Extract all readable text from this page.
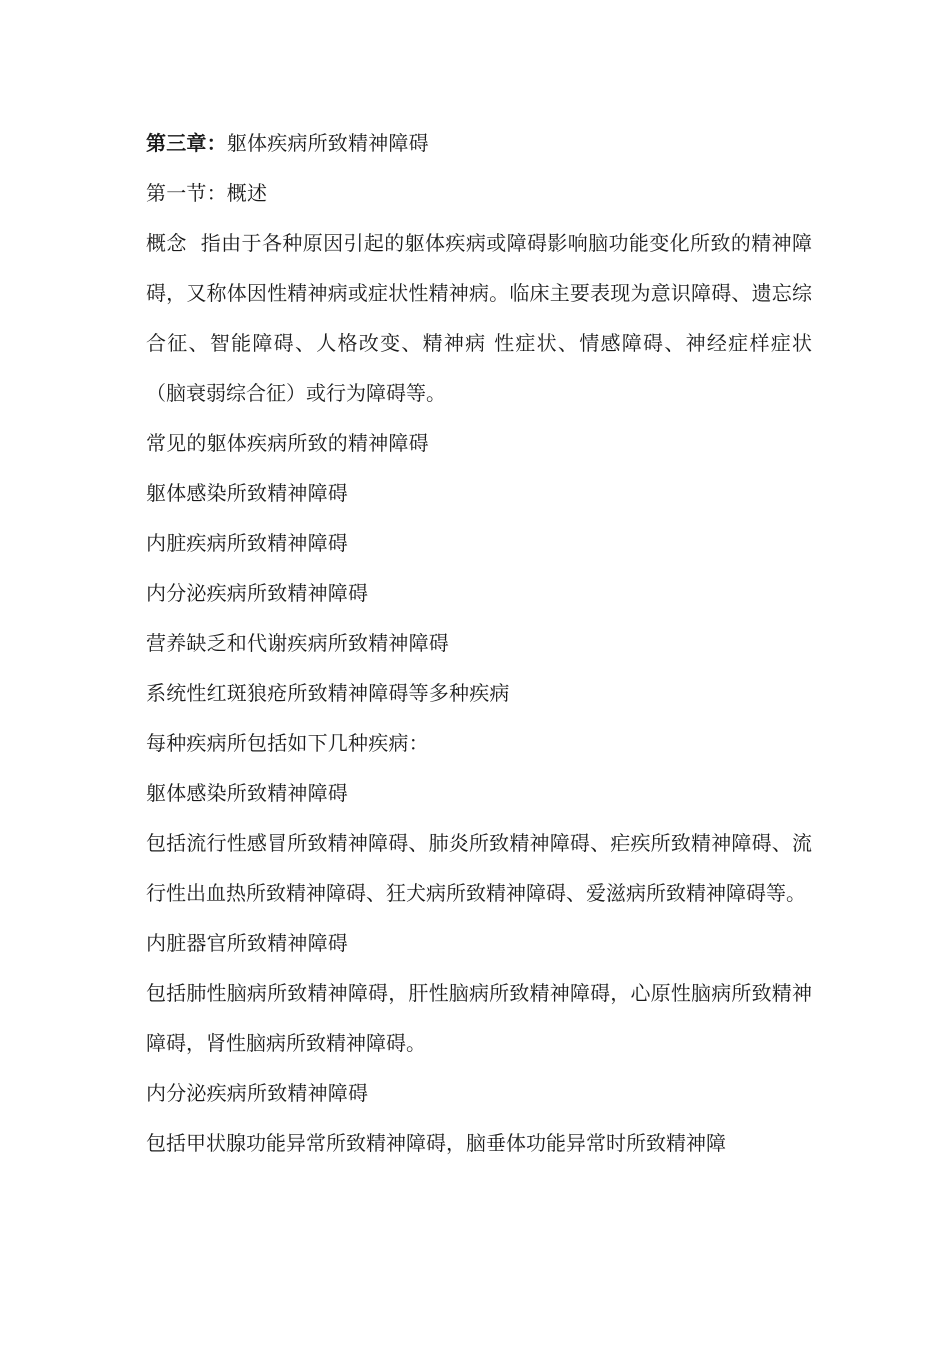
第三章：躯体疾病所致精神障碍
第一节：概述
概念 指由于各种原因引起的躯体疾病或障碍影响脑功能变化所致的精神障碍，又称体因性精神病或症状性精神病。临床主要表现为意识障碍、遗忘综合征、智能障碍、人格改变、精神病 性症状、情感障碍、神经症样症状（脑衰弱综合征）或行为障碍等。
常见的躯体疾病所致的精神障碍
躯体感染所致精神障碍
内脏疾病所致精神障碍
内分泌疾病所致精神障碍
营养缺乏和代谢疾病所致精神障碍
系统性红斑狼疮所致精神障碍等多种疾病
每种疾病所包括如下几种疾病：
躯体感染所致精神障碍
包括流行性感冒所致精神障碍、肺炎所致精神障碍、疟疾所致精神障碍、流行性出血热所致精神障碍、狂犬病所致精神障碍、爱滋病所致精神障碍等。
内脏器官所致精神障碍
包括肺性脑病所致精神障碍，肝性脑病所致精神障碍，心原性脑病所致精神障碍，肾性脑病所致精神障碍。
内分泌疾病所致精神障碍
包括甲状腺功能异常所致精神障碍，脑垂体功能异常时所致精神障
